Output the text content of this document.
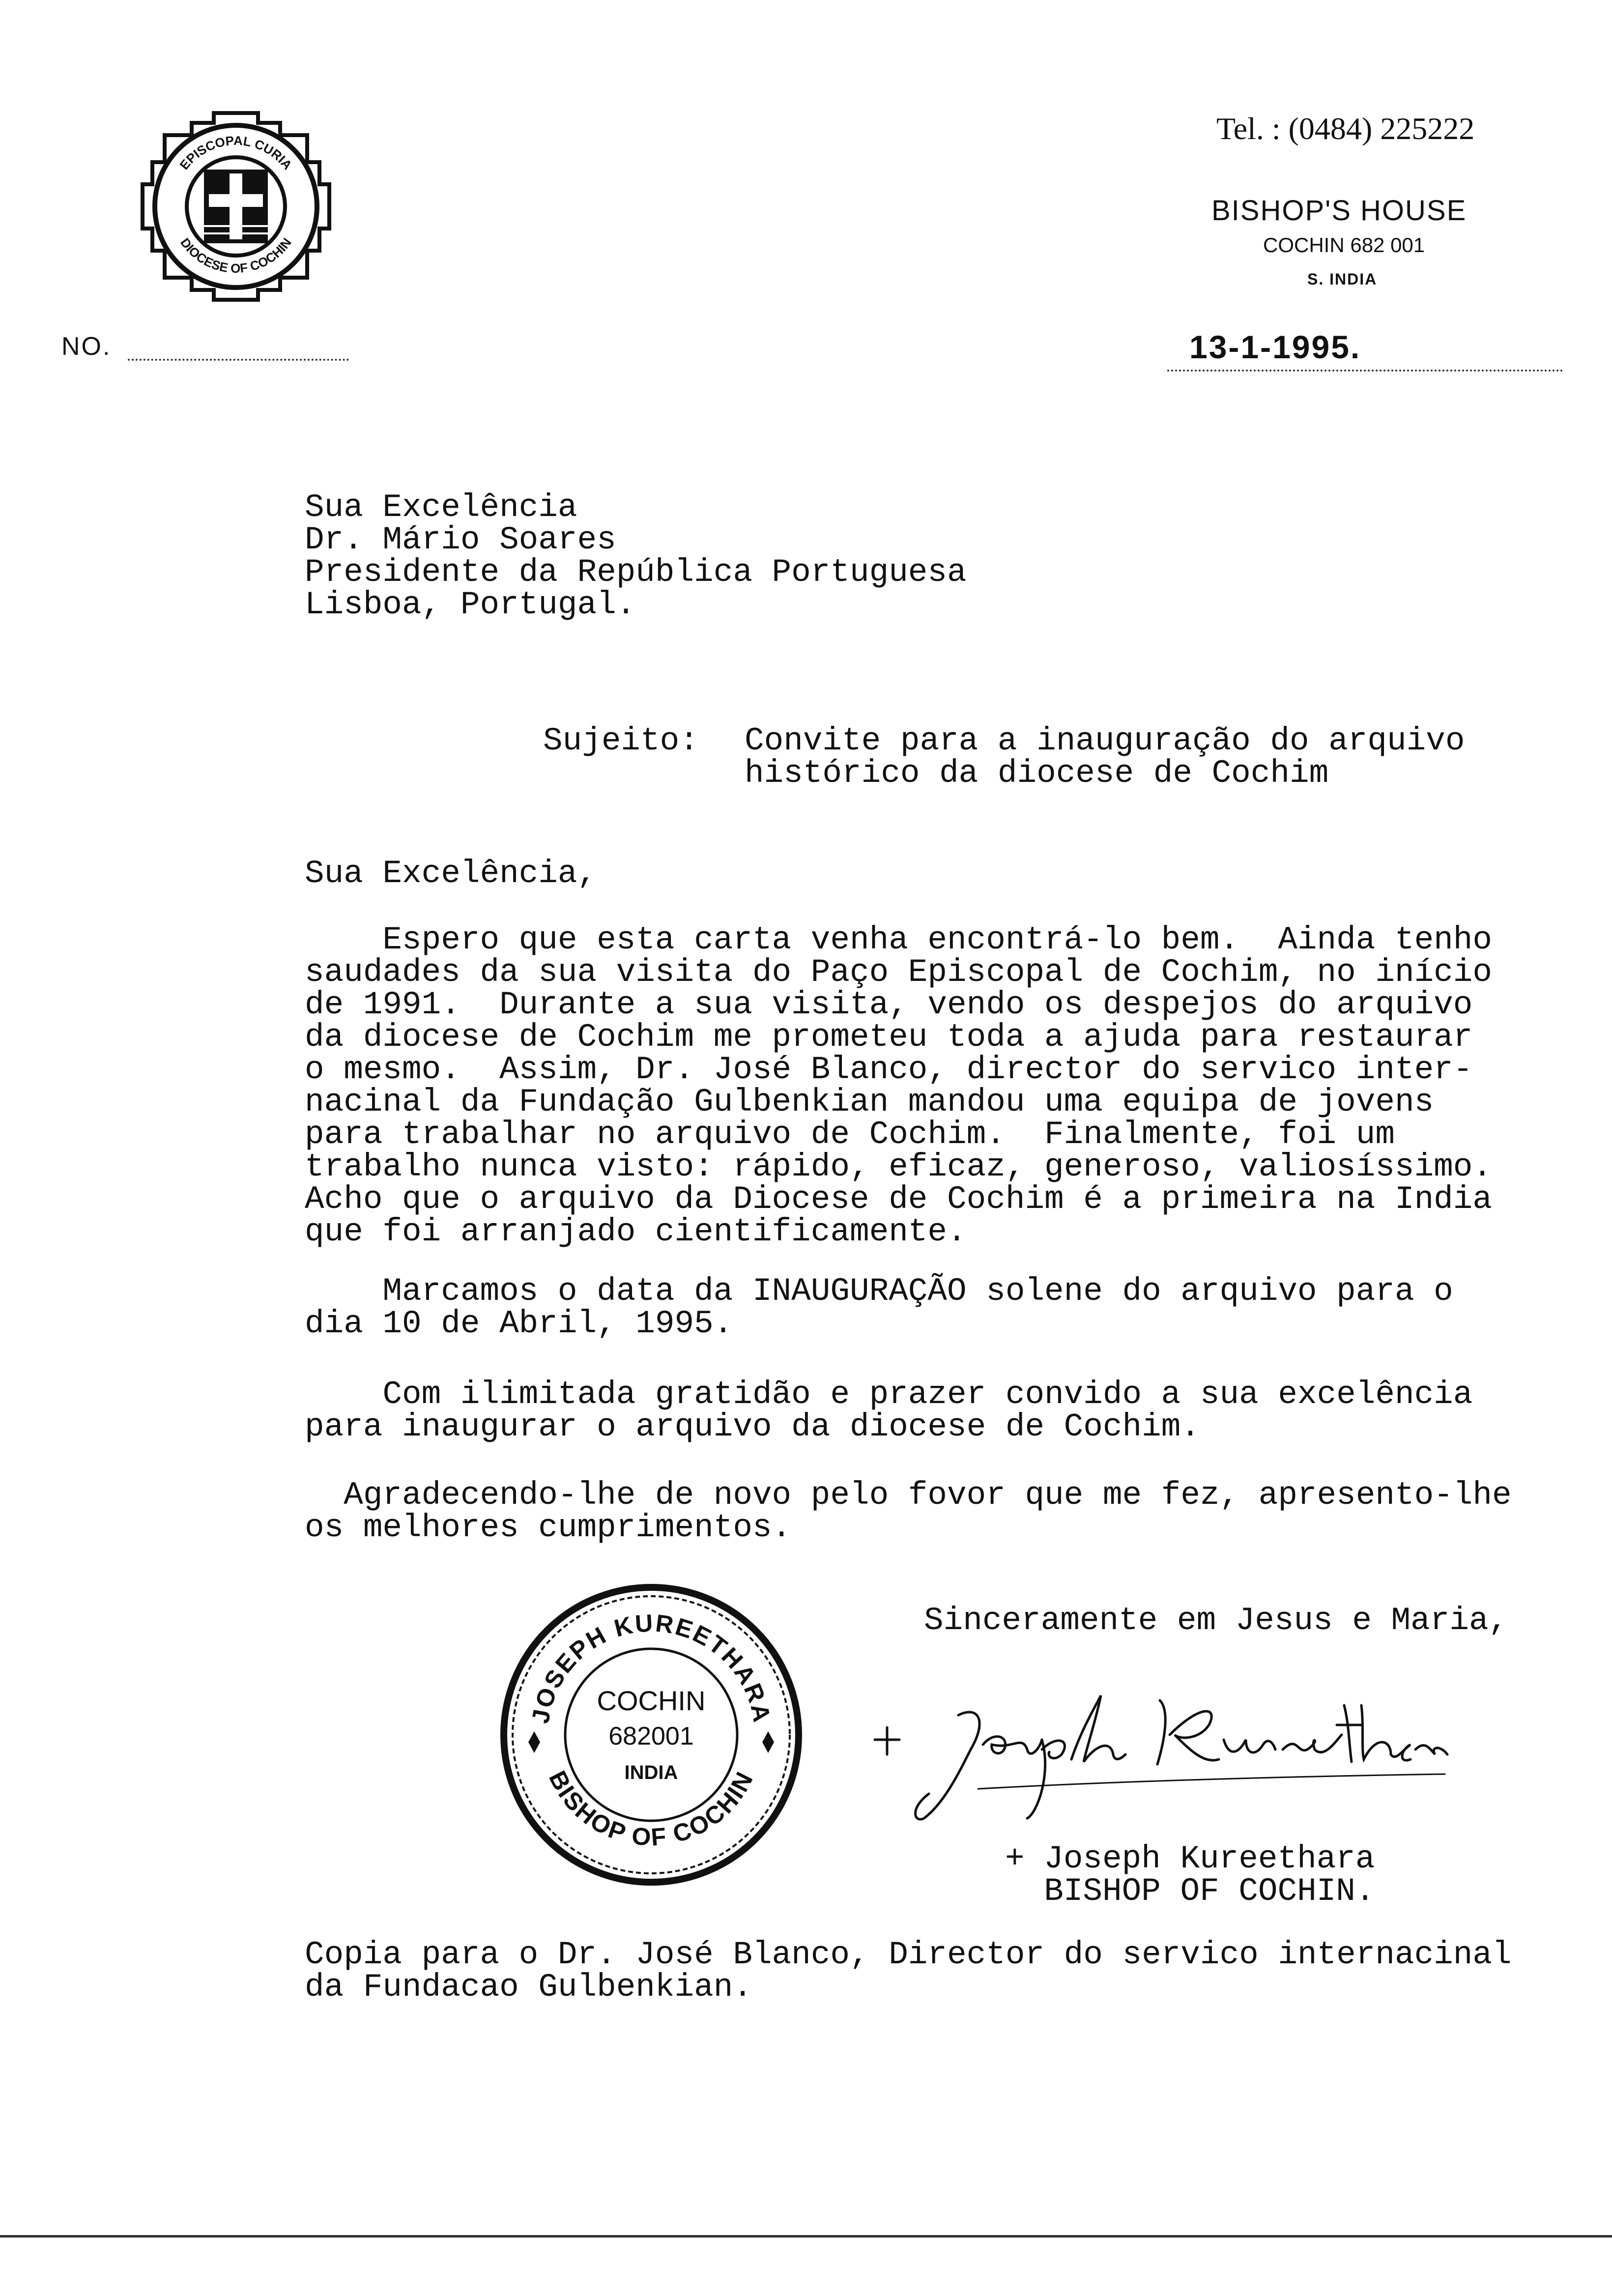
EPISCOPAL CURIA
DIOCESE OF COCHIN
Tel. : (0484) 225222
BISHOP'S HOUSE
COCHIN 682 001
S. INDIA
NO.	13-1-1995.
Sua Excelência
Dr. Mário Soares
Presidente da República Portuguesa
Lisboa, Portugal.
Sujeito: Convite para a inauguração do arquivo
histórico da diocese de Cochim
Sua Excelência,
Espero que esta carta venha encontrá-lo bem.  Ainda tenho
saudades da sua visita do Paço Episcopal de Cochim, no início
de 1991.  Durante a sua visita, vendo os despejos do arquivo
da diocese de Cochim me prometeu toda a ajuda para restaurar
o mesmo.  Assim, Dr. José Blanco, director do servico inter-
nacinal da Fundação Gulbenkian mandou uma equipa de jovens
para trabalhar no arquivo de Cochim.  Finalmente, foi um
trabalho nunca visto: rápido, eficaz, generoso, valiosíssimo.
Acho que o arquivo da Diocese de Cochim é a primeira na India
que foi arranjado cientificamente.
Marcamos o data da INAUGURAÇÃO solene do arquivo para o
dia 10 de Abril, 1995.
Com ilimitada gratidão e prazer convido a sua excelência
para inaugurar o arquivo da diocese de Cochim.
Agradecendo-lhe de novo pelo fovor que me fez, apresento-lhe
os melhores cumprimentos.
Sinceramente em Jesus e Maria,
JOSEPH KUREETHARA
BISHOP OF COCHIN
COCHIN
682001
INDIA
+ Joseph Kureethara
BISHOP OF COCHIN.
Copia para o Dr. José Blanco, Director do servico internacinal
da Fundacao Gulbenkian.
